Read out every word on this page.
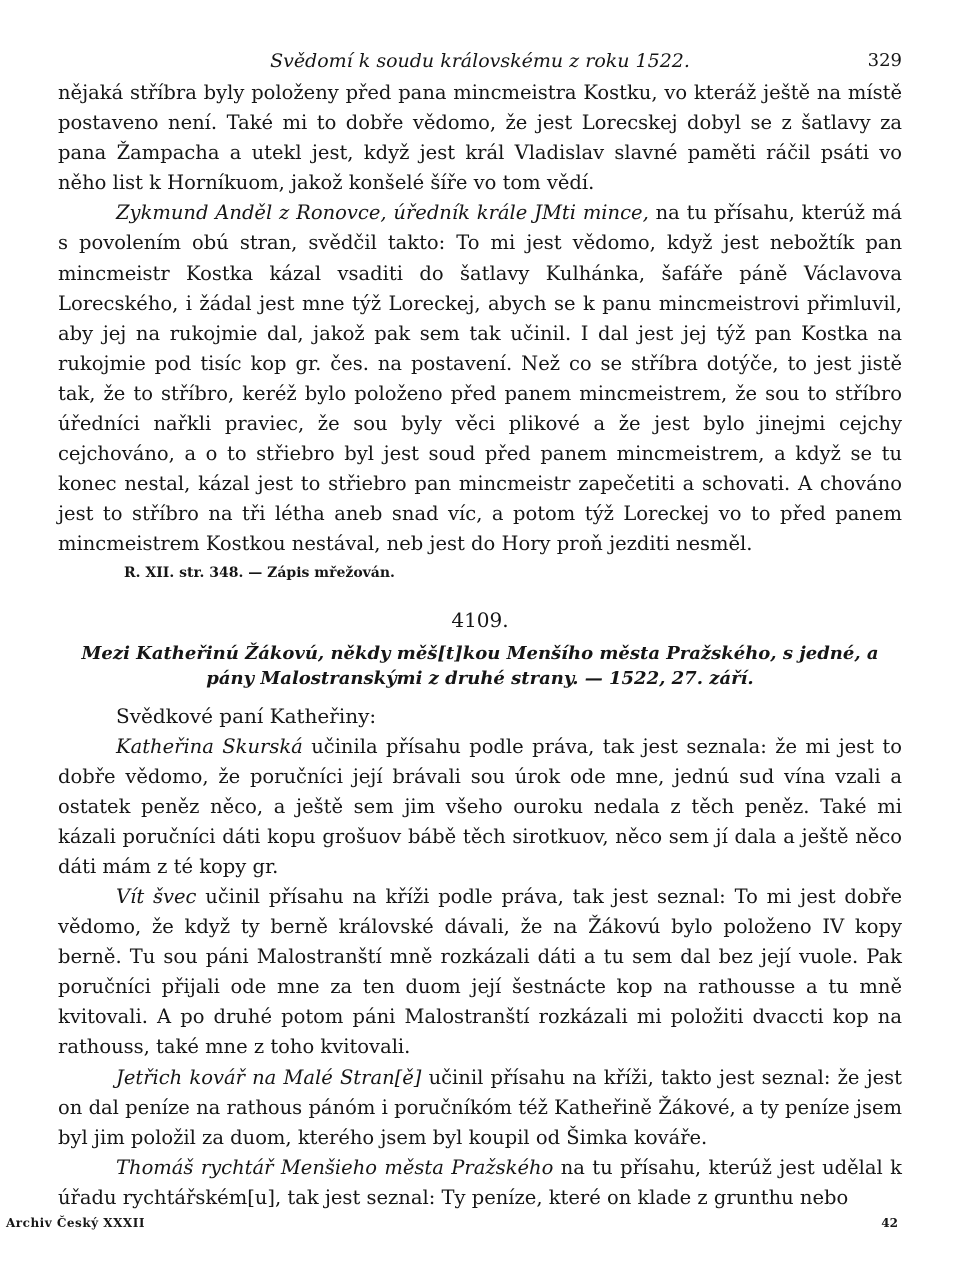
Svědomí k soudu královskému z roku 1522.	329

nějaká stříbra byly položeny před pana mincmeistra Kostku, vo kteráž ještě na místě postaveno není. Také mi to dobře vědomo, že jest Lorecskej dobyl se z šatlavy za pana Žampacha a utekl jest, když jest král Vladislav slavné paměti ráčil psáti vo něho list k Horníkuom, jakož konšelé šíře vo tom vědí.

Zykmund Anděl z Ronovce, úředník krále JMti mince, na tu přísahu, kterúž má s povolením obú stran, svědčil takto: To mi jest vědomo, když jest nebožtík pan mincmeistr Kostka kázal vsaditi do šatlavy Kulhánka, šafáře páně Václavova Lorecského, i žádal jest mne týž Loreckej, abych se k panu mincmeistrovi přimluvil, aby jej na rukojmie dal, jakož pak sem tak učinil. I dal jest jej týž pan Kostka na rukojmie pod tisíc kop gr. čes. na postavení. Než co se stříbra dotýče, to jest jistě tak, že to stříbro, keréž bylo položeno před panem mincmeistrem, že sou to stříbro úředníci nařkli praviec, že sou byly věci plikové a že jest bylo jinejmi cejchy cejchováno, a o to střiebro byl jest soud před panem mincmeistrem, a když se tu konec nestal, kázal jest to střiebro pan mincmeistr zapečetiti a schovati. A chováno jest to stříbro na tři létha aneb snad víc, a potom týž Loreckej vo to před panem mincmeistrem Kostkou nestával, neb jest do Hory proň jezditi nesměl.

R. XII. str. 348. — Zápis mřežován.
4109.
Mezi Katheřinú Žákovú, někdy měš[t]kou Menšího města Pražského, s jedné, a pány Malostranskými z druhé strany. — 1522, 27. září.
Svědkové paní Katheřiny:

Katheřina Skurská učinila přísahu podle práva, tak jest seznala: že mi jest to dobře vědomo, že poručníci její brávali sou úrok ode mne, jednú sud vína vzali a ostatek peněz něco, a ještě sem jim všeho ouroku nedala z těch peněz. Také mi kázali poručníci dáti kopu grošuov bábě těch sirotkuov, něco sem jí dala a ještě něco dáti mám z té kopy gr.

Vít švec učinil přísahu na kříži podle práva, tak jest seznal: To mi jest dobře vědomo, že když ty berně královské dávali, že na Žákovú bylo položeno IV kopy berně. Tu sou páni Malostranští mně rozkázali dáti a tu sem dal bez její vuole. Pak poručníci přijali ode mne za ten duom její šestnácte kop na rathousse a tu mně kvitovali. A po druhé potom páni Malostranští rozkázali mi položiti dvaccti kop na rathouss, také mne z toho kvitovali.

Jetřich kovář na Malé Stran[ě] učinil přísahu na kříži, takto jest seznal: že jest on dal peníze na rathous pánóm i poručníkóm též Katheřině Žákové, a ty peníze jsem byl jim položil za duom, kterého jsem byl koupil od Šimka kováře.

Thomáš rychtář Menšieho města Pražského na tu přísahu, kterúž jest udělal k úřadu rychtářském[u], tak jest seznal: Ty peníze, které on klade z grunthu nebo

Archiv Český XXXII	42
